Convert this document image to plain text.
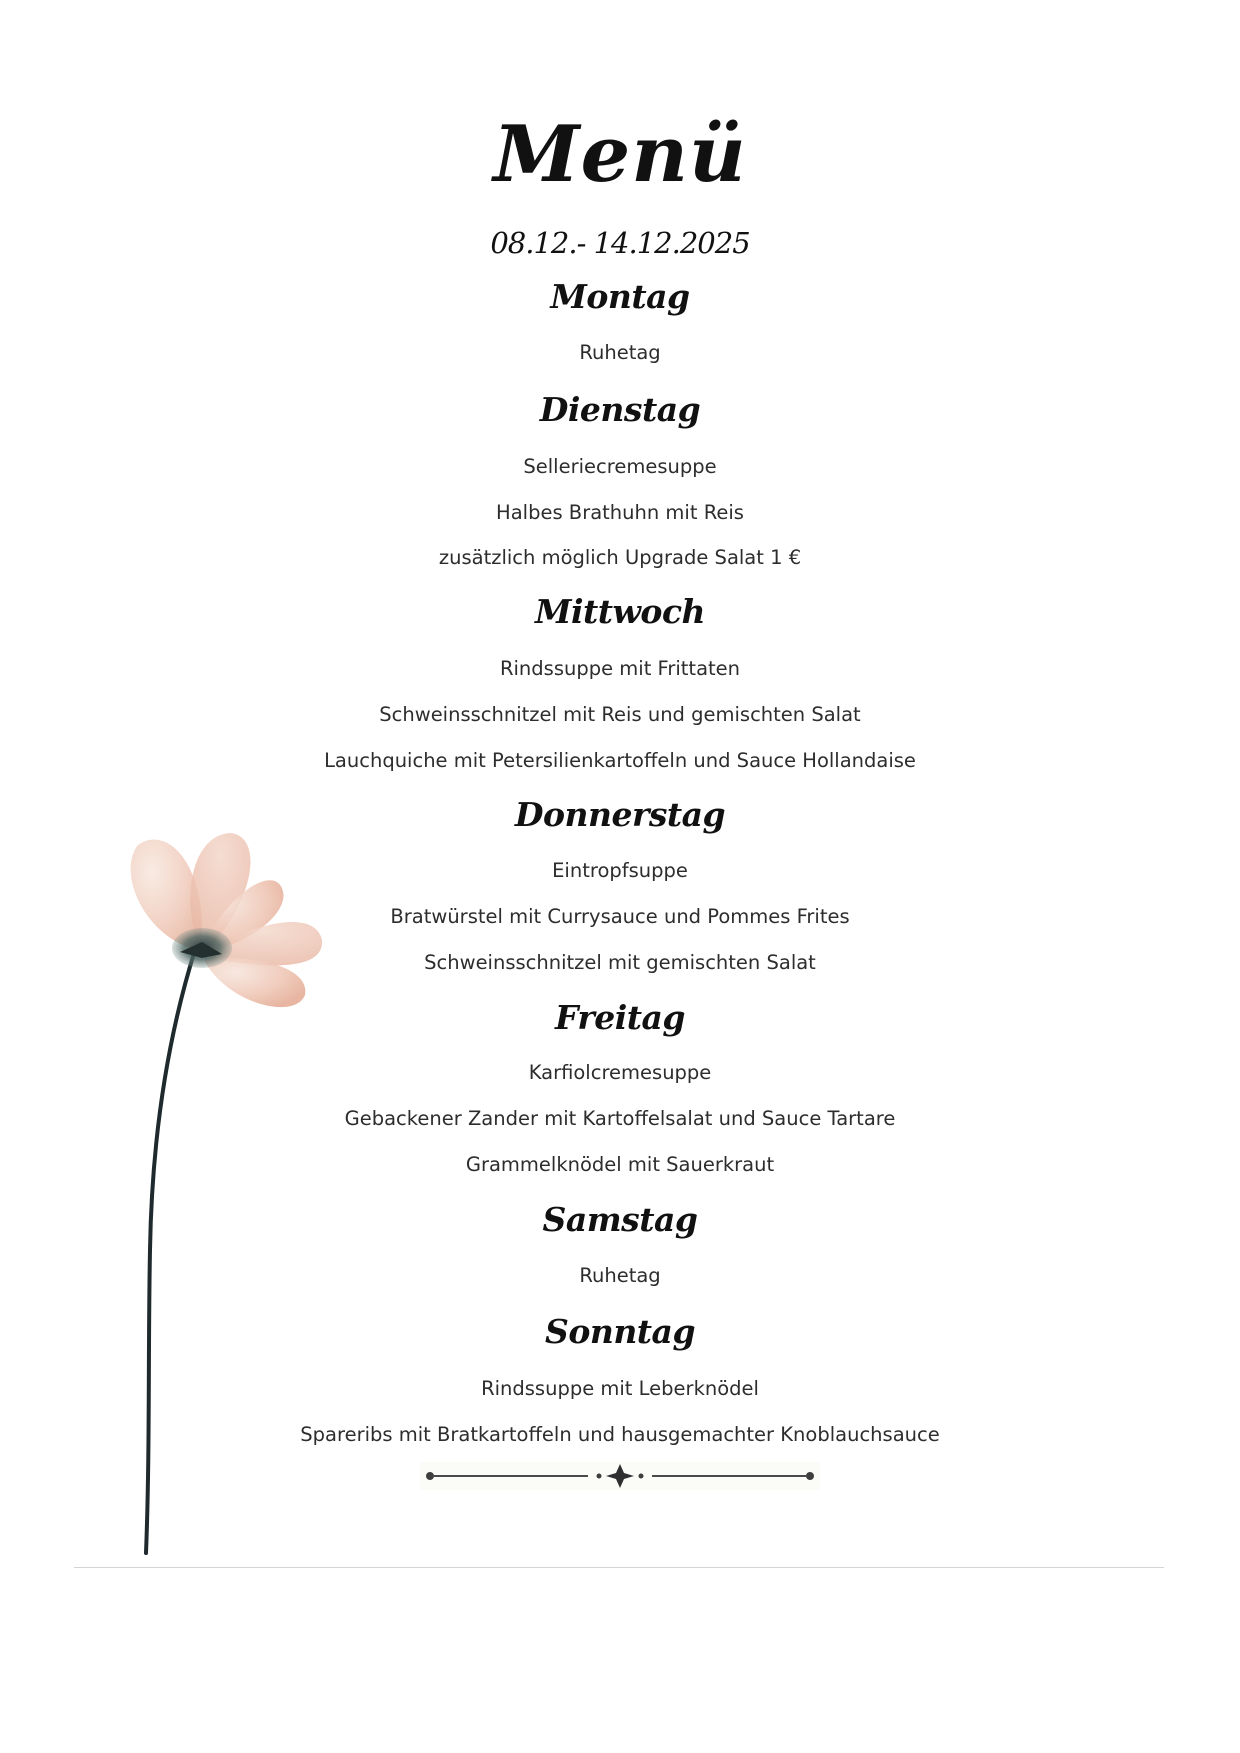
Menü
08.12.- 14.12.2025
Montag

Ruhetag

Dienstag

Selleriecremesuppe

Halbes Brathuhn mit Reis

zusätzlich möglich Upgrade Salat 1 €

Mittwoch

Rindssuppe mit Frittaten

Schweinsschnitzel mit Reis und gemischten Salat

Lauchquiche mit Petersilienkartoffeln und Sauce Hollandaise

Donnerstag

Eintropfsuppe

Bratwürstel mit Currysauce und Pommes Frites

Schweinsschnitzel mit gemischten Salat

Freitag

Karfiolcremesuppe

Gebackener Zander mit Kartoffelsalat und Sauce Tartare

Grammelknödel mit Sauerkraut

Samstag

Ruhetag

Sonntag

Rindssuppe mit Leberknödel

Spareribs mit Bratkartoffeln und hausgemachter Knoblauchsauce
